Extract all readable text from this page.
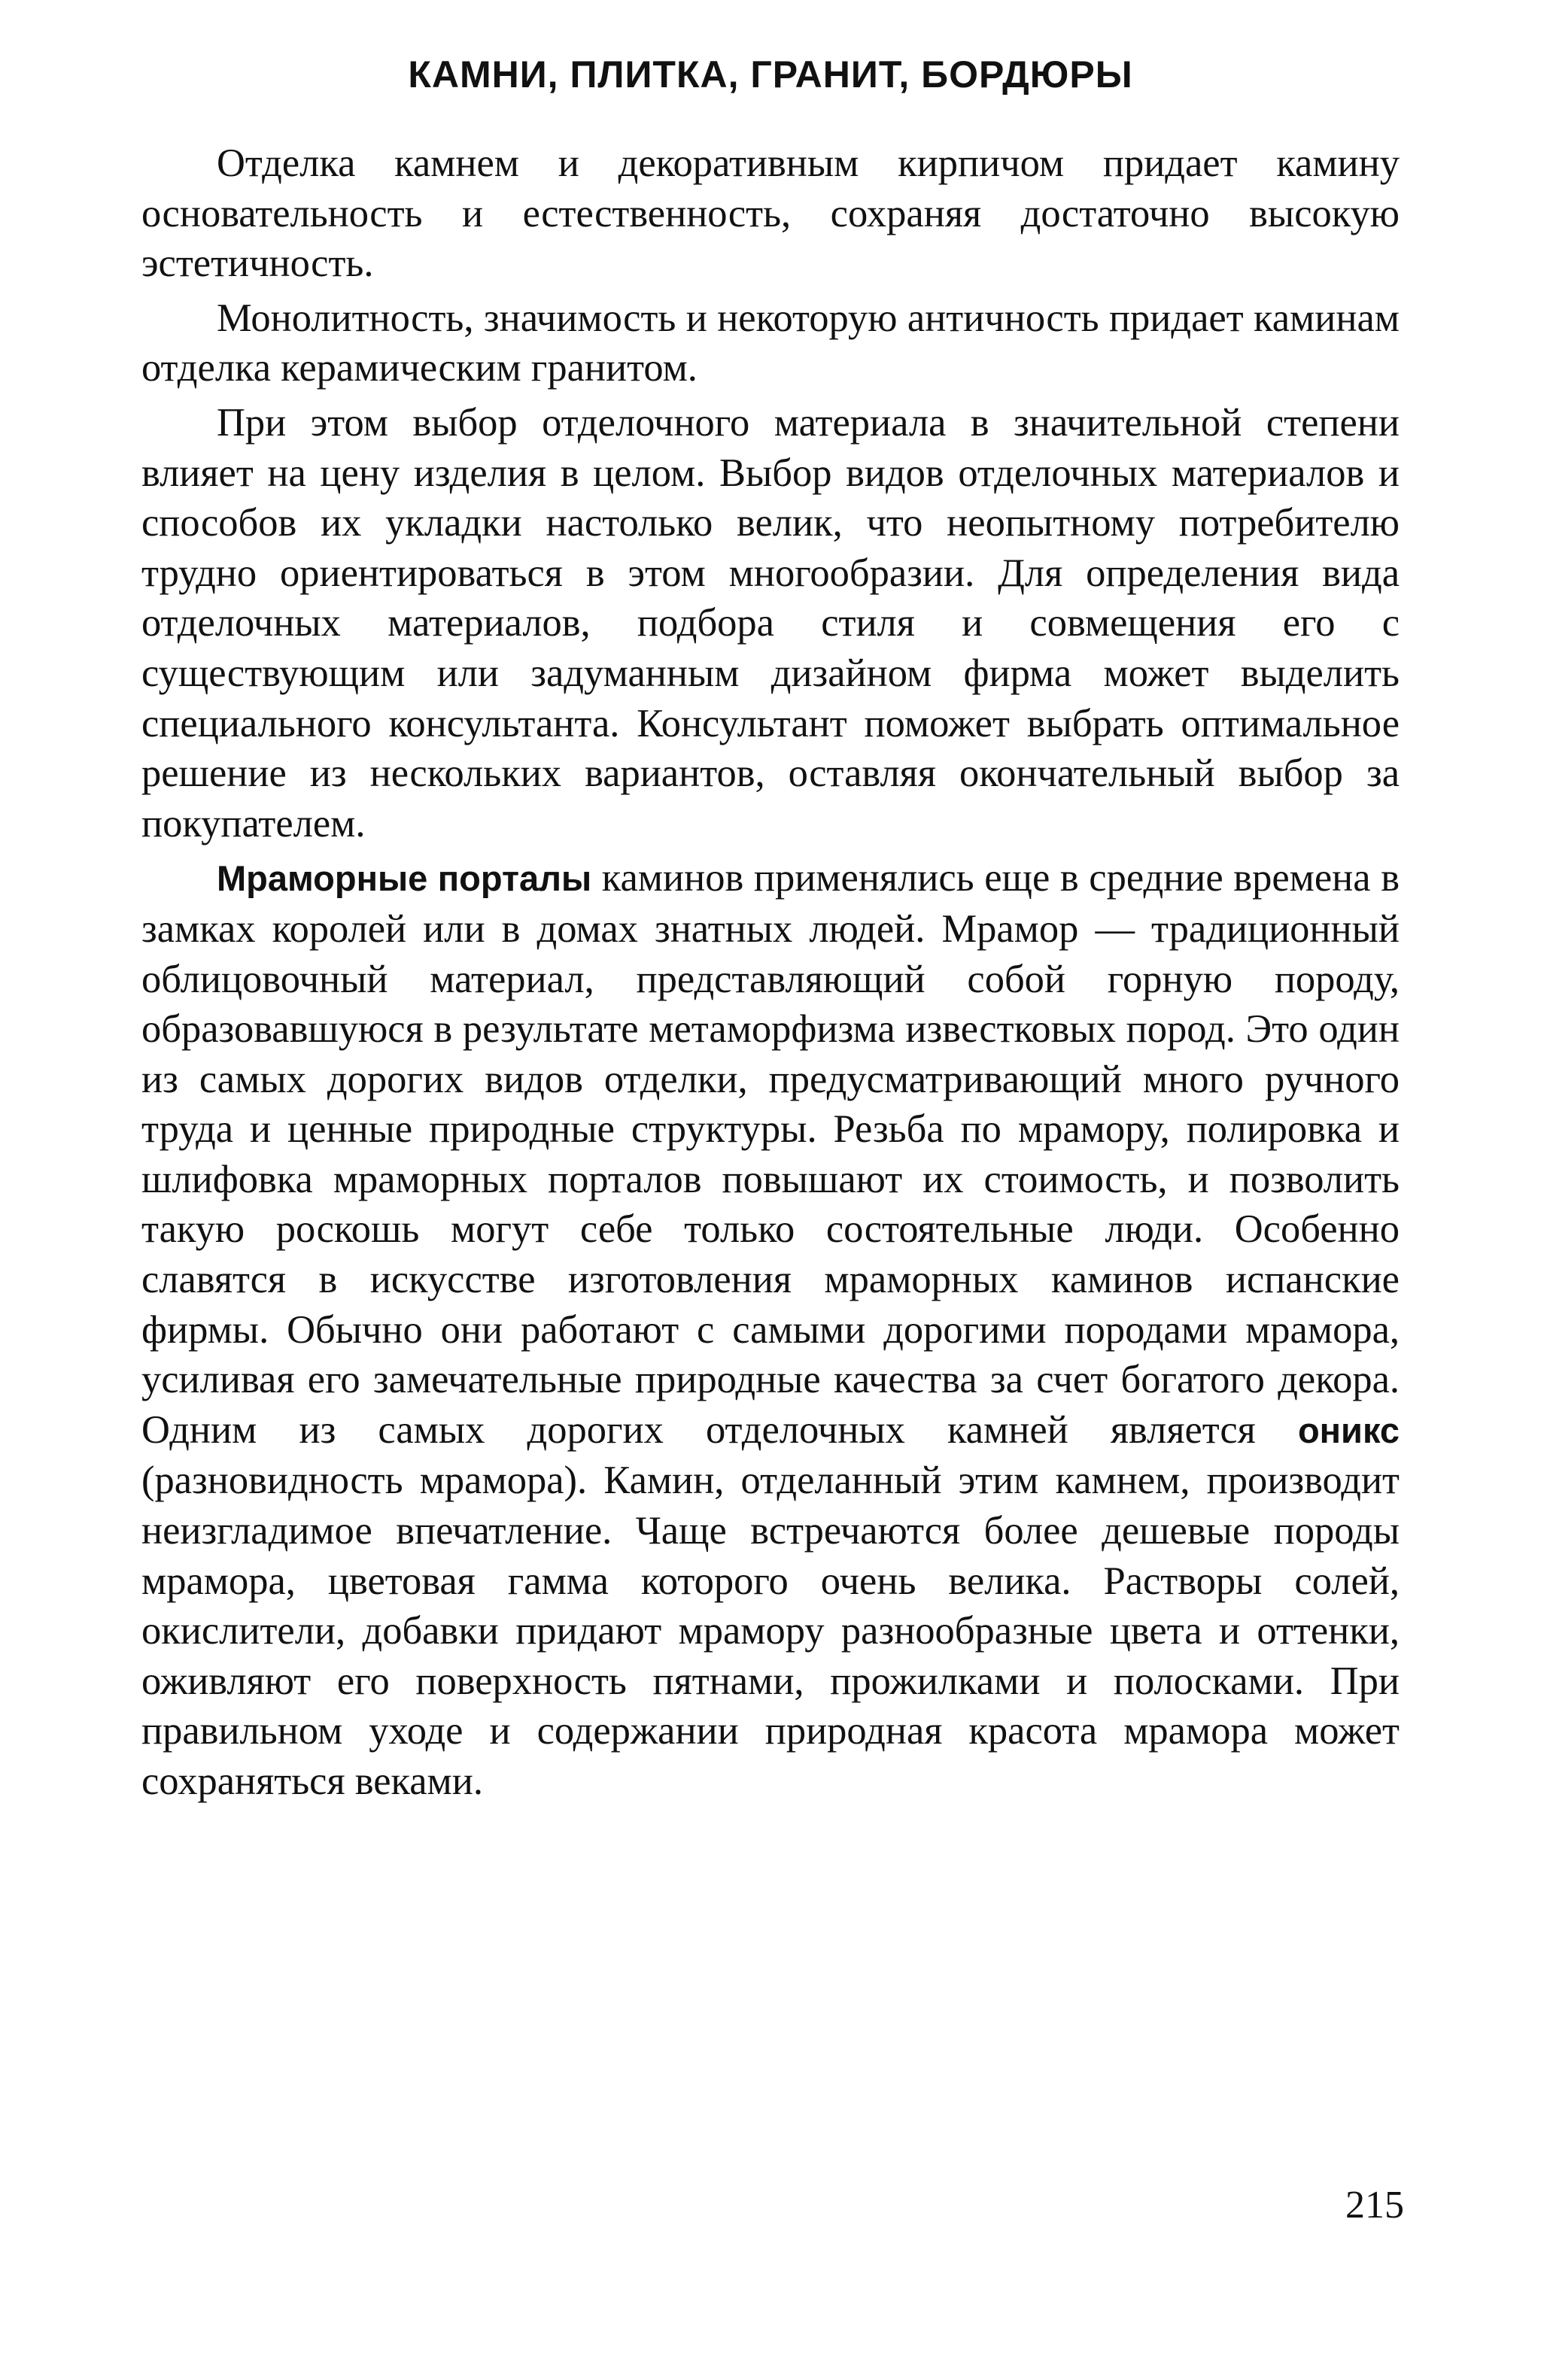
КАМНИ, ПЛИТКА, ГРАНИТ, БОРДЮРЫ

Отделка камнем и декоративным кирпичом придает камину основательность и естественность, сохраняя достаточно высокую эстетичность.

Монолитность, значимость и некоторую античность придает каминам отделка керамическим гранитом.

При этом выбор отделочного материала в значительной степени влияет на цену изделия в целом. Выбор видов отделочных материалов и способов их укладки настолько велик, что неопытному потребителю трудно ориентироваться в этом многообразии. Для определения вида отделочных материалов, подбора стиля и совмещения его с существующим или задуманным дизайном фирма может выделить специального консультанта. Консультант поможет выбрать оптимальное решение из нескольких вариантов, оставляя окончательный выбор за покупателем.

Мраморные порталы каминов применялись еще в средние времена в замках королей или в домах знатных людей. Мрамор — традиционный облицовочный материал, представляющий собой горную породу, образовавшуюся в результате метаморфизма известковых пород. Это один из самых дорогих видов отделки, предусматривающий много ручного труда и ценные природные структуры. Резьба по мрамору, полировка и шлифовка мраморных порталов повышают их стоимость, и позволить такую роскошь могут себе только состоятельные люди. Особенно славятся в искусстве изготовления мраморных каминов испанские фирмы. Обычно они работают с самыми дорогими породами мрамора, усиливая его замечательные природные качества за счет богатого декора. Одним из самых дорогих отделочных камней является оникс (разновидность мрамора). Камин, отделанный этим камнем, производит неизгладимое впечатление. Чаще встречаются более дешевые породы мрамора, цветовая гамма которого очень велика. Растворы солей, окислители, добавки придают мрамору разнообразные цвета и оттенки, оживляют его поверхность пятнами, прожилками и полосками. При правильном уходе и содержании природная красота мрамора может сохраняться веками.

215
